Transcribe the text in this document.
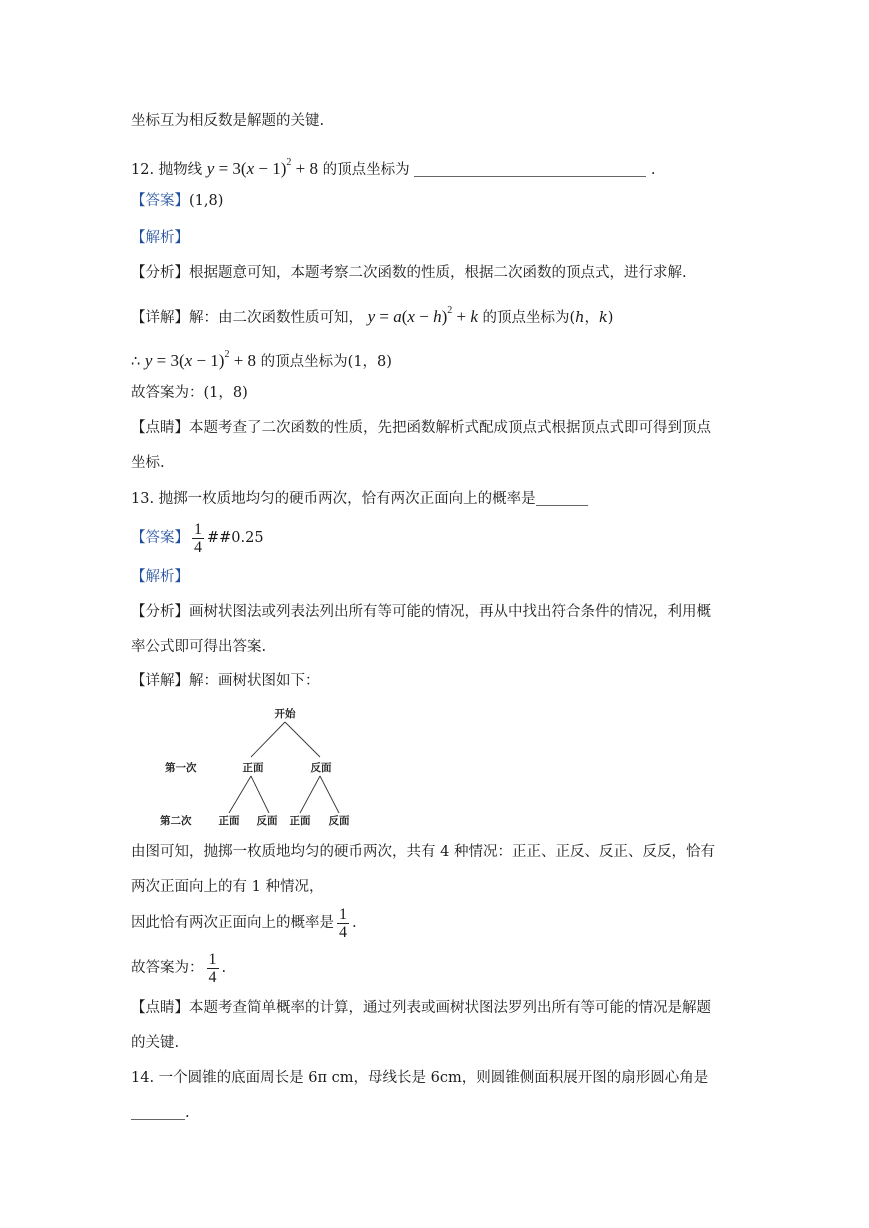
坐标互为相反数是解题的关键.
12. 抛物线 $y = 3(x - 1)^2 + 8$ 的顶点坐标为	.
【答案】(1,8)
【解析】
【分析】根据题意可知，本题考察二次函数的性质，根据二次函数的顶点式，进行求解.
【详解】解：由二次函数性质可知， $y = a(x - h)^2 + k$ 的顶点坐标为(h，k)
∴ $y = 3(x - 1)^2 + 8$ 的顶点坐标为(1，8)
故答案为：(1，8)
【点睛】本题考查了二次函数的性质，先把函数解析式配成顶点式根据顶点式即可得到顶点
坐标.
13. 抛掷一枚质地均匀的硬币两次，恰有两次正面向上的概率是
【答案】 $\frac{1}{4}$ ##0.25
【解析】
【分析】画树状图法或列表法列出所有等可能的情况，再从中找出符合条件的情况，利用概
率公式即可得出答案.
【详解】解：画树状图如下：
开始
第一次	正面	反面
第二次	正面 反面 正面 反面
由图可知，抛掷一枚质地均匀的硬币两次，共有 4 种情况：正正、正反、反正、反反，恰有
两次正面向上的有 1 种情况，
因此恰有两次正面向上的概率是 $\frac{1}{4}$ .
故答案为： $\frac{1}{4}$ .
【点睛】本题考查简单概率的计算，通过列表或画树状图法罗列出所有等可能的情况是解题
的关键.
14. 一个圆锥的底面周长是 6π cm，母线长是 6cm，则圆锥侧面积展开图的扇形圆心角是
.
